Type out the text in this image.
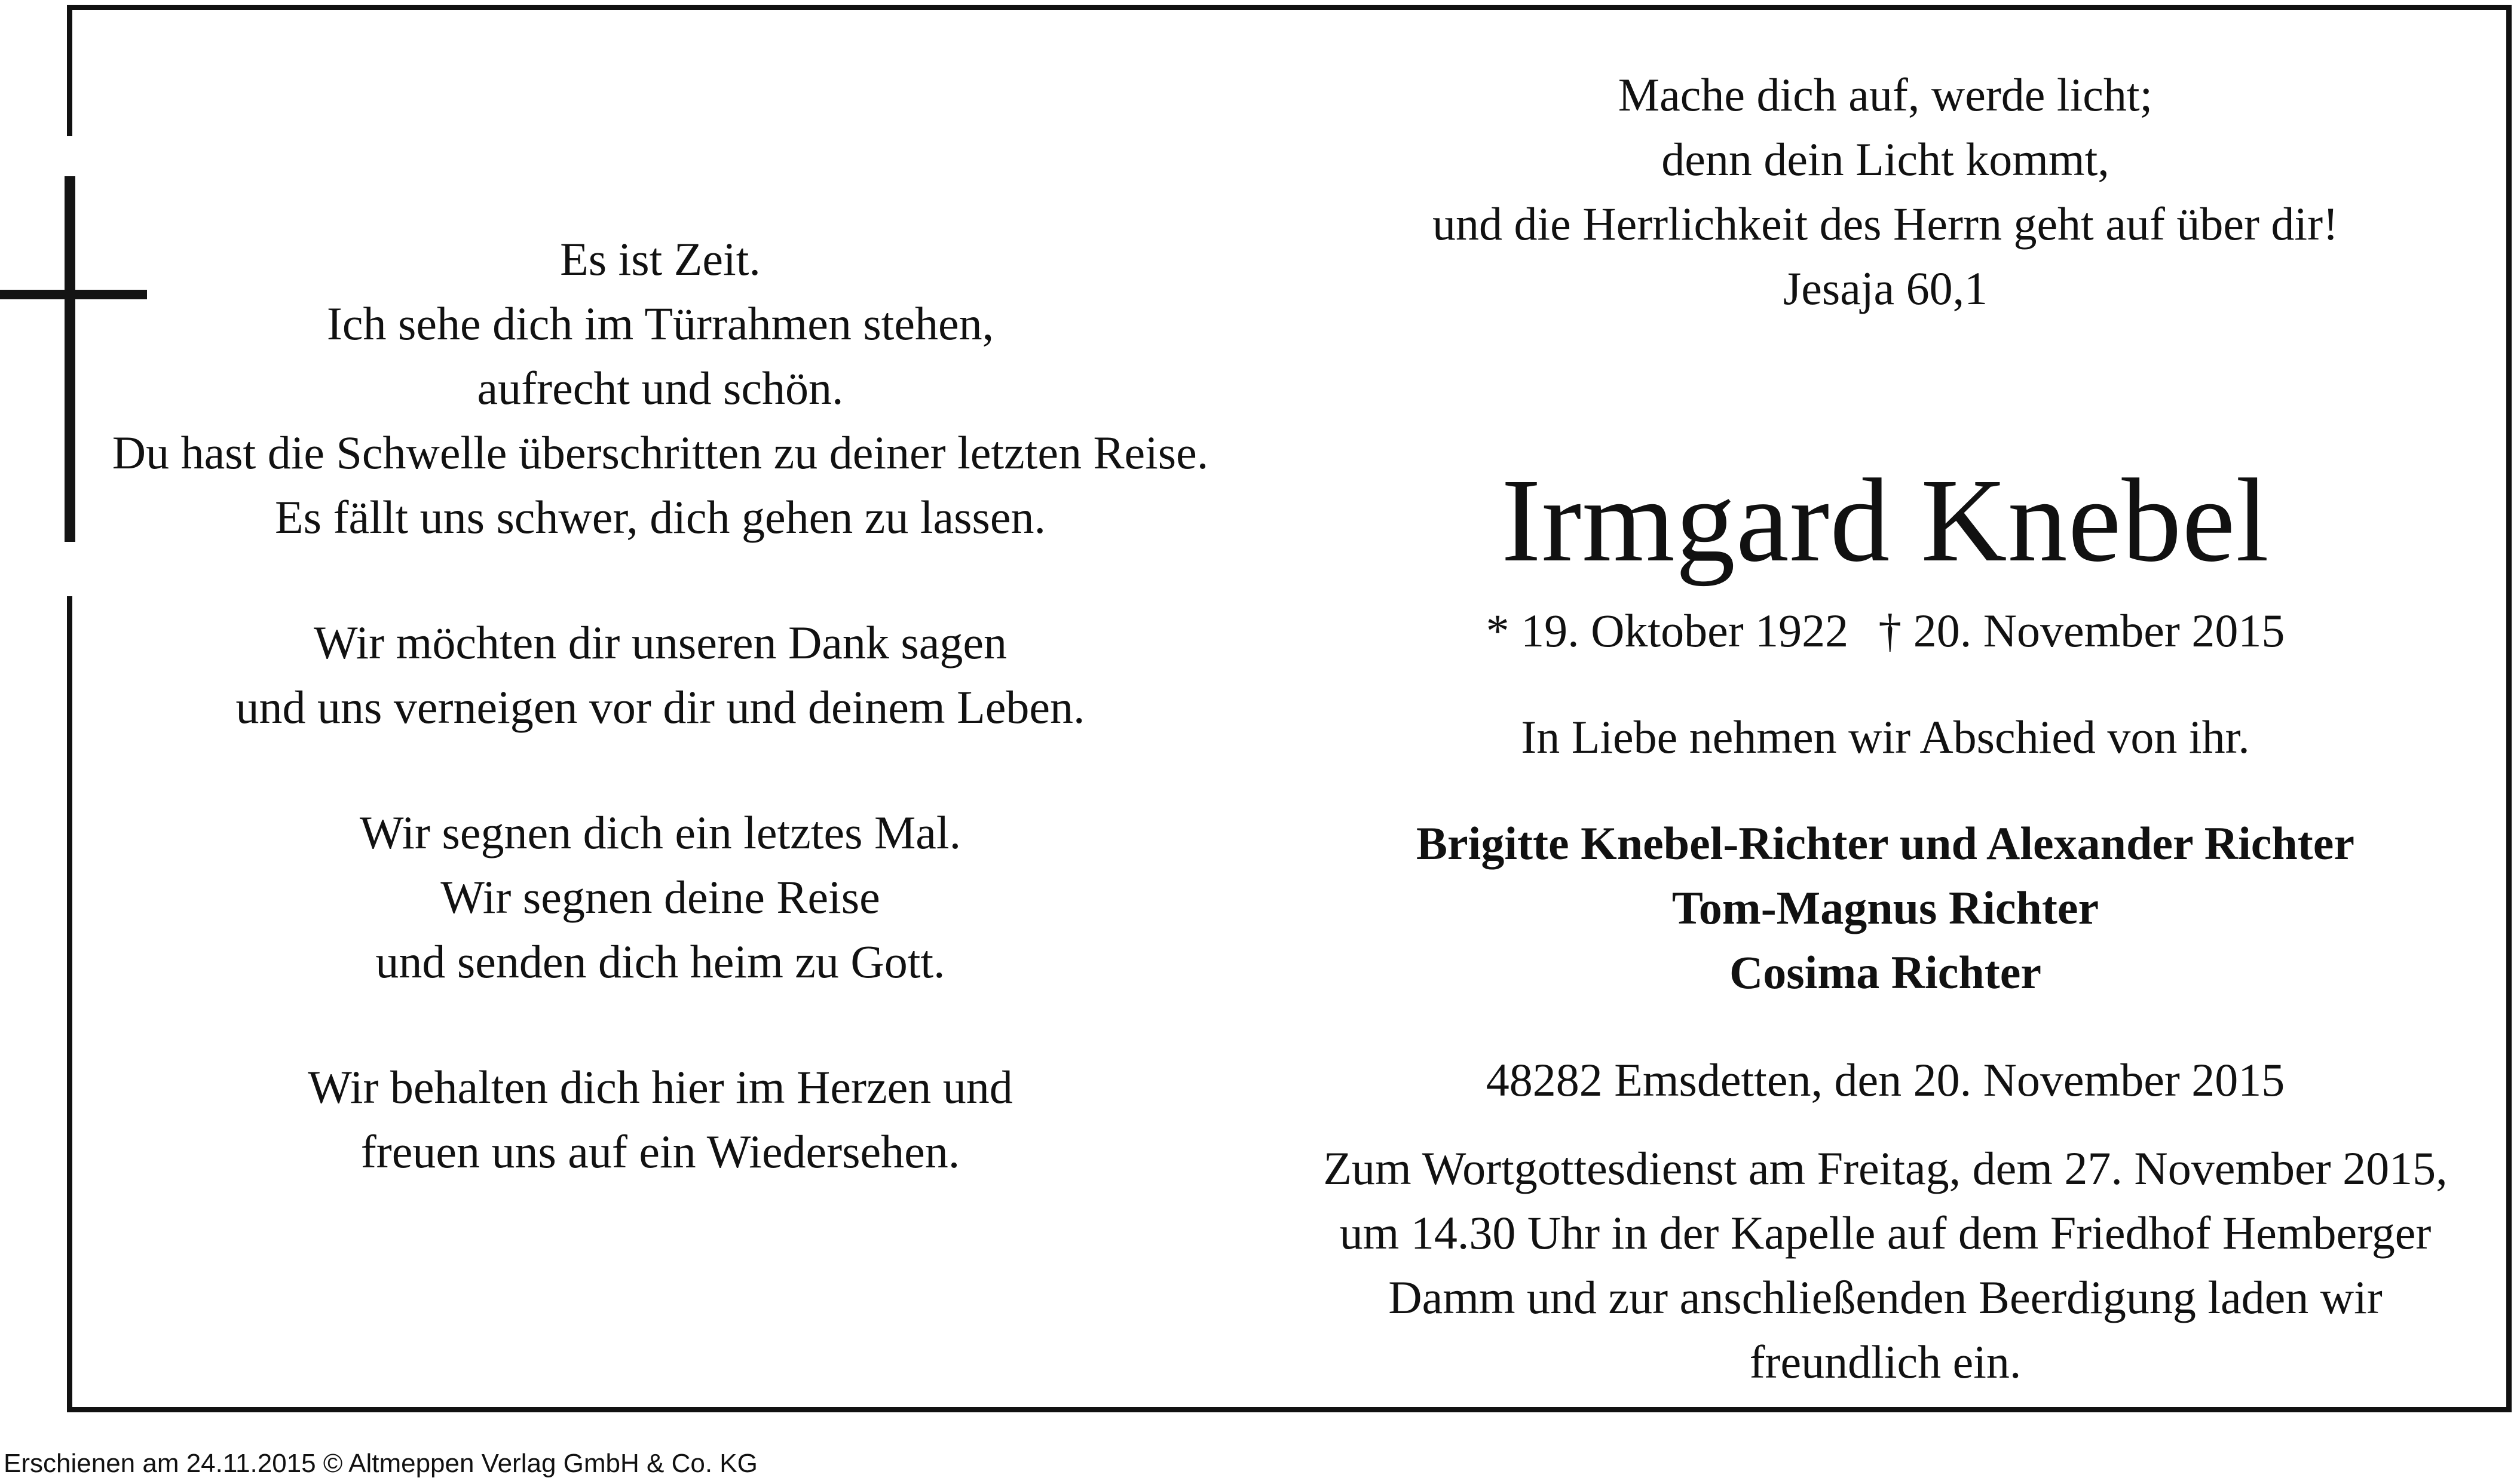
Es ist Zeit.
Ich sehe dich im Türrahmen stehen,
aufrecht und schön.
Du hast die Schwelle überschritten zu deiner letzten Reise.
Es fällt uns schwer, dich gehen zu lassen.
Wir möchten dir unseren Dank sagen
und uns verneigen vor dir und deinem Leben.
Wir segnen dich ein letztes Mal.
Wir segnen deine Reise
und senden dich heim zu Gott.
Wir behalten dich hier im Herzen und
freuen uns auf ein Wiedersehen.
Mache dich auf, werde licht;
denn dein Licht kommt,
und die Herrlichkeit des Herrn geht auf über dir!
Jesaja 60,1
Irmgard Knebel
* 19. Oktober 1922 † 20. November 2015
In Liebe nehmen wir Abschied von ihr.
Brigitte Knebel-Richter und Alexander Richter
Tom-Magnus Richter
Cosima Richter
48282 Emsdetten, den 20. November 2015
Zum Wortgottesdienst am Freitag, dem 27. November 2015,
um 14.30 Uhr in der Kapelle auf dem Friedhof Hemberger
Damm und zur anschließenden Beerdigung laden wir
freundlich ein.
Erschienen am 24.11.2015 © Altmeppen Verlag GmbH & Co. KG
